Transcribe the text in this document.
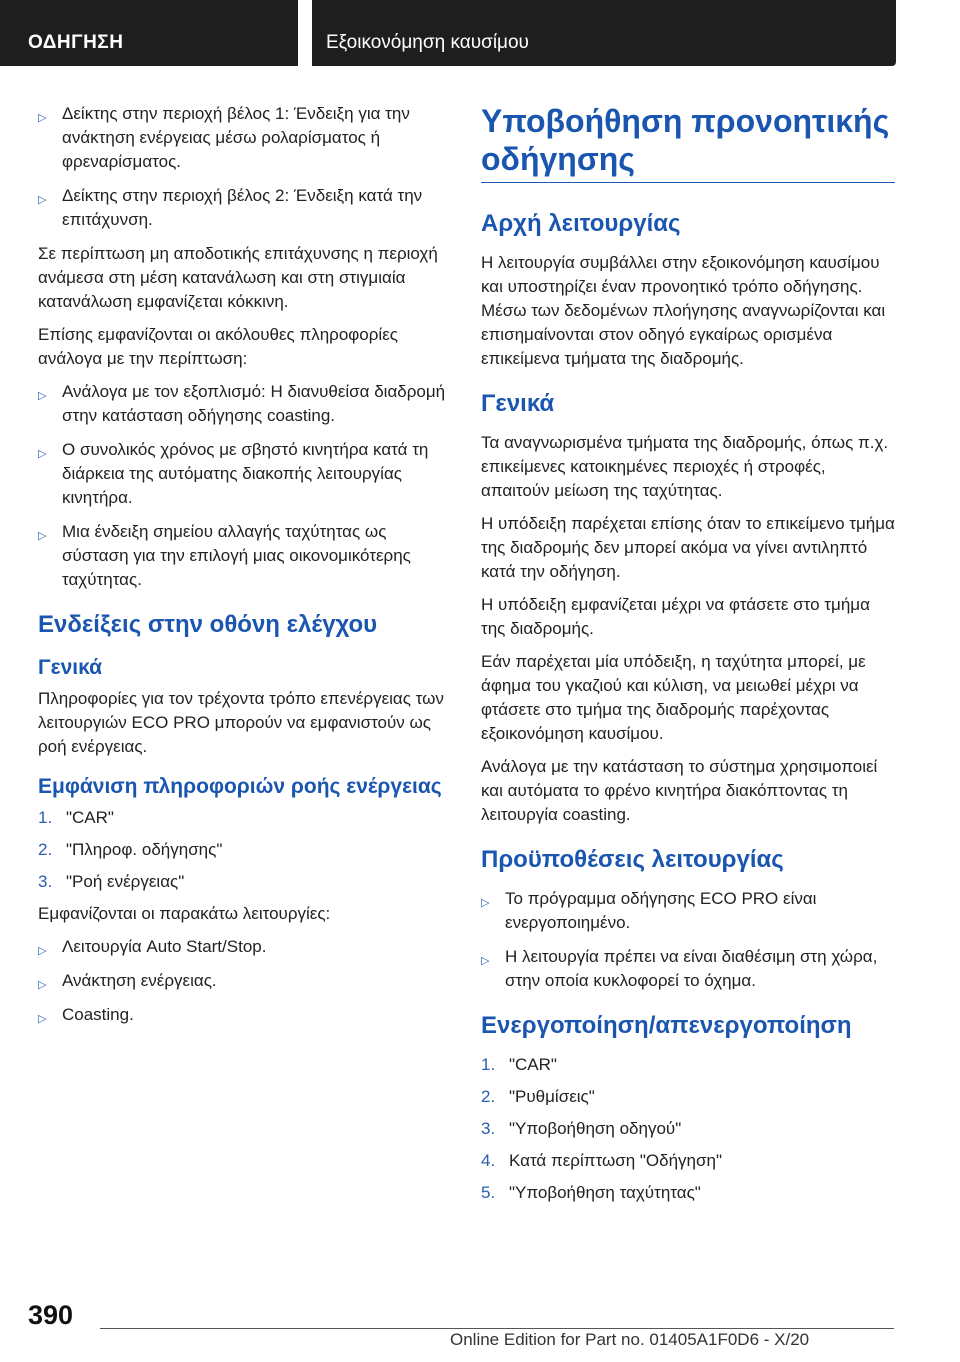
ΟΔΗΓΗΣΗ	Εξοικονόμηση καυσίμου
▷ Δείκτης στην περιοχή βέλος 1: Ένδειξη για την ανάκτηση ενέργειας μέσω ρολαρίσματος ή φρεναρίσματος.
▷ Δείκτης στην περιοχή βέλος 2: Ένδειξη κατά την επιτάχυνση.

Σε περίπτωση μη αποδοτικής επιτάχυνσης η περιοχή ανάμεσα στη μέση κατανάλωση και στη στιγμιαία κατανάλωση εμφανίζεται κόκκινη.

Επίσης εμφανίζονται οι ακόλουθες πληροφορίες ανάλογα με την περίπτωση:

▷ Ανάλογα με τον εξοπλισμό: Η διανυθείσα διαδρομή στην κατάσταση οδήγησης coasting.
▷ Ο συνολικός χρόνος με σβηστό κινητήρα κατά τη διάρκεια της αυτόματης διακοπής λειτουργίας κινητήρα.
▷ Μια ένδειξη σημείου αλλαγής ταχύτητας ως σύσταση για την επιλογή μιας οικονομικότερης ταχύτητας.
Ενδείξεις στην οθόνη ελέγχου
Γενικά

Πληροφορίες για τον τρέχοντα τρόπο επενέργειας των λειτουργιών ECO PRO μπορούν να εμφανιστούν ως ροή ενέργειας.

Εμφάνιση πληροφοριών ροής ενέργειας
1. "CAR"
2. "Πληροφ. οδήγησης"
3. "Ροή ενέργειας"

Εμφανίζονται οι παρακάτω λειτουργίες:

▷ Λειτουργία Auto Start/Stop.
▷ Ανάκτηση ενέργειας.
▷ Coasting.
Υποβοήθηση προνοητικής οδήγησης
Αρχή λειτουργίας

Η λειτουργία συμβάλλει στην εξοικονόμηση καυσίμου και υποστηρίζει έναν προνοητικό τρόπο οδήγησης. Μέσω των δεδομένων πλοήγησης αναγνωρίζονται και επισημαίνονται στον οδηγό εγκαίρως ορισμένα επικείμενα τμήματα της διαδρομής.

Γενικά

Τα αναγνωρισμένα τμήματα της διαδρομής, όπως π.χ. επικείμενες κατοικημένες περιοχές ή στροφές, απαιτούν μείωση της ταχύτητας.

Η υπόδειξη παρέχεται επίσης όταν το επικείμενο τμήμα της διαδρομής δεν μπορεί ακόμα να γίνει αντιληπτό κατά την οδήγηση.

Η υπόδειξη εμφανίζεται μέχρι να φτάσετε στο τμήμα της διαδρομής.

Εάν παρέχεται μία υπόδειξη, η ταχύτητα μπορεί, με άφημα του γκαζιού και κύλιση, να μειωθεί μέχρι να φτάσετε στο τμήμα της διαδρομής παρέχοντας εξοικονόμηση καυσίμου.

Ανάλογα με την κατάσταση το σύστημα χρησιμοποιεί και αυτόματα το φρένο κινητήρα διακόπτοντας τη λειτουργία coasting.

Προϋποθέσεις λειτουργίας
▷ Το πρόγραμμα οδήγησης ECO PRO είναι ενεργοποιημένο.
▷ Η λειτουργία πρέπει να είναι διαθέσιμη στη χώρα, στην οποία κυκλοφορεί το όχημα.
Ενεργοποίηση/απενεργοποίηση
1. "CAR"
2. "Ρυθμίσεις"
3. "Υποβοήθηση οδηγού"
4. Κατά περίπτωση "Οδήγηση"
5. "Υποβοήθηση ταχύτητας"
390
Online Edition for Part no. 01405A1F0D6 - X/20
